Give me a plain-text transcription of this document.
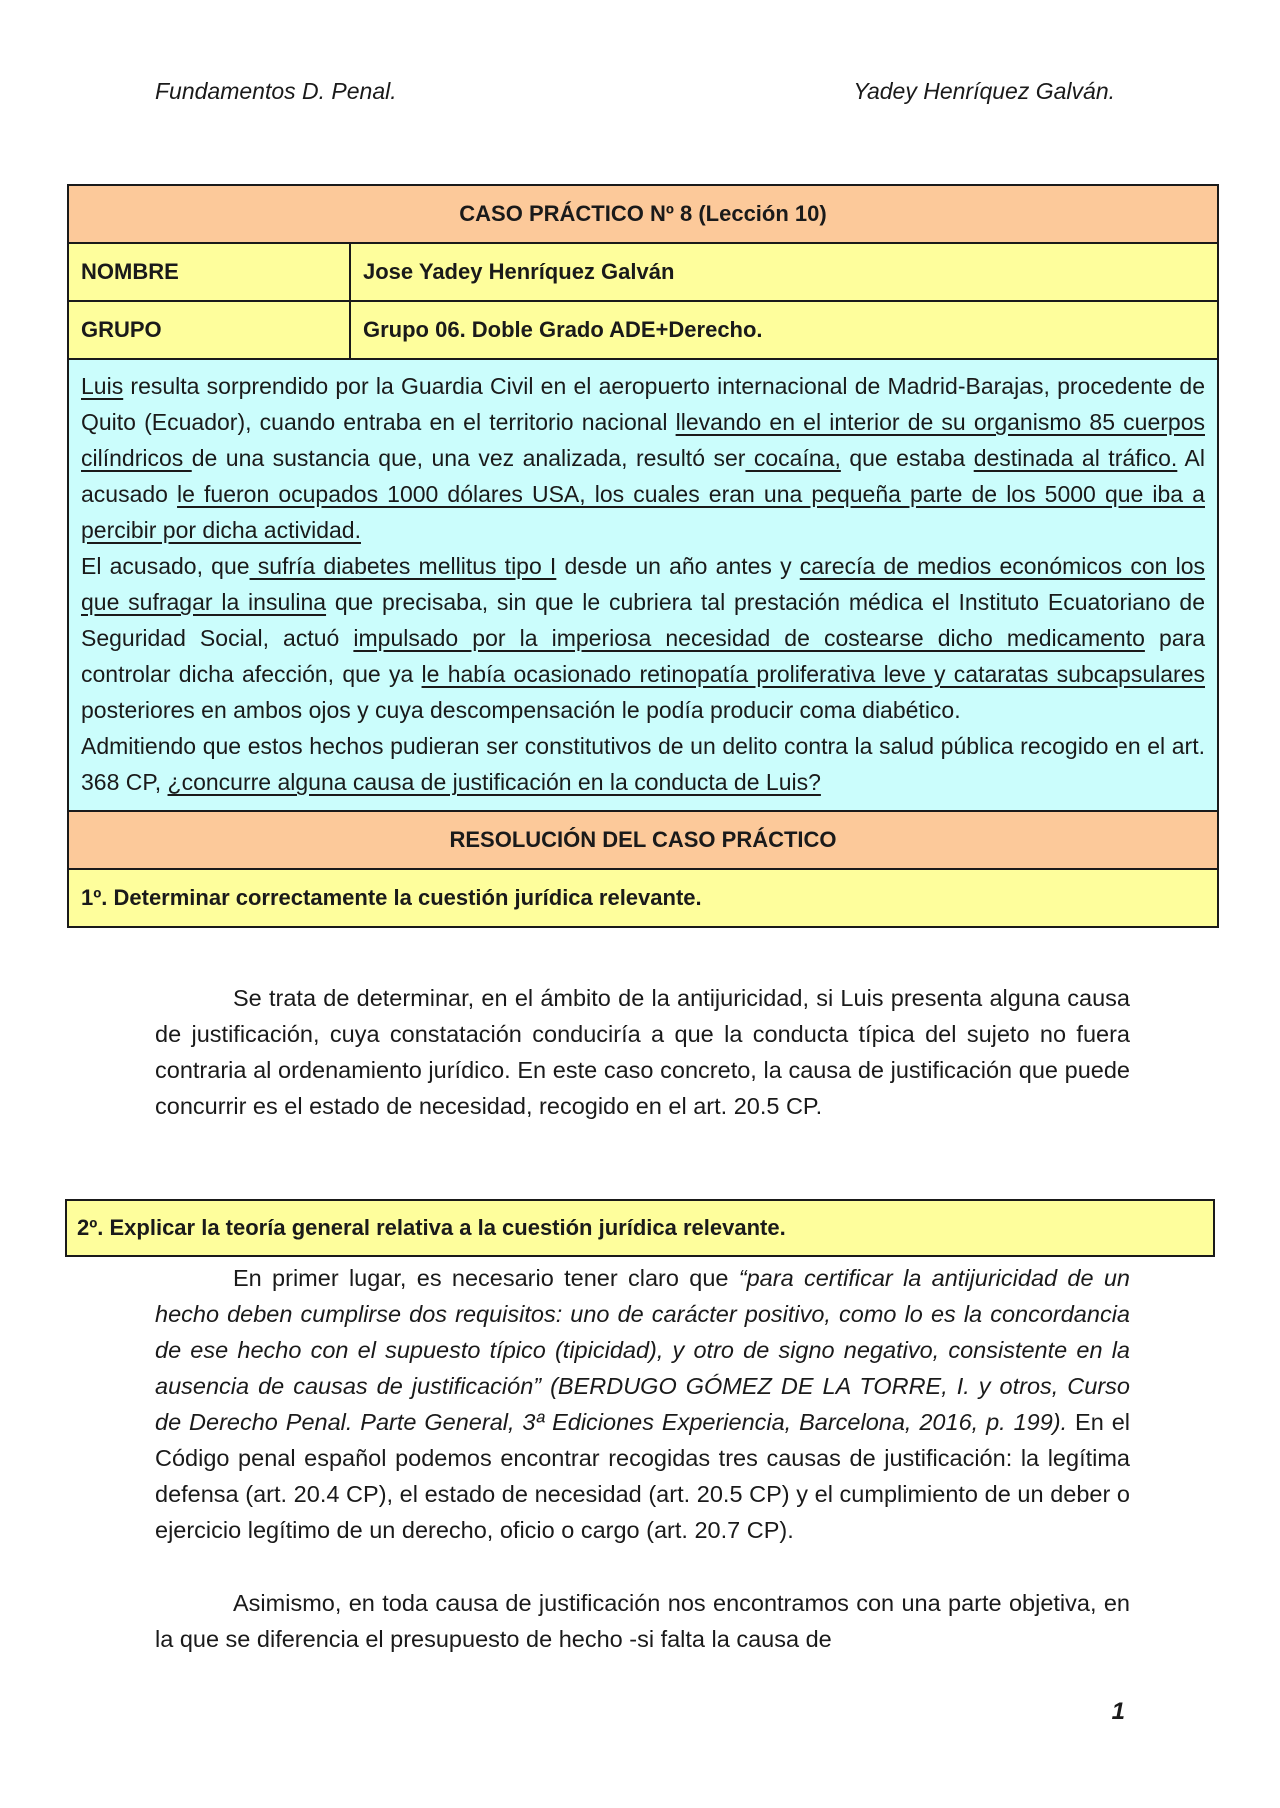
Fundamentos D. Penal.	Yadey Henríquez Galván.
CASO PRÁCTICO Nº 8 (Lección 10)	
NOMBRE	Jose Yadey Henríquez Galván
GRUPO	Grupo 06. Doble Grado ADE+Derecho.

Luis resulta sorprendido por la Guardia Civil en el aeropuerto internacional de Madrid-Barajas, procedente de Quito (Ecuador), cuando entraba en el territorio nacional llevando en el interior de su organismo 85 cuerpos cilíndricos de una sustancia que, una vez analizada, resultó ser cocaína, que estaba destinada al tráfico. Al acusado le fueron ocupados 1000 dólares USA, los cuales eran una pequeña parte de los 5000 que iba a percibir por dicha actividad.

El acusado, que sufría diabetes mellitus tipo I desde un año antes y carecía de medios económicos con los que sufragar la insulina que precisaba, sin que le cubriera tal prestación médica el Instituto Ecuatoriano de Seguridad Social, actuó impulsado por la imperiosa necesidad de costearse dicho medicamento para controlar dicha afección, que ya le había ocasionado retinopatía proliferativa leve y cataratas subcapsulares posteriores en ambos ojos y cuya descompensación le podía producir coma diabético.

Admitiendo que estos hechos pudieran ser constitutivos de un delito contra la salud pública recogido en el art. 368 CP, ¿concurre alguna causa de justificación en la conducta de Luis?	

RESOLUCIÓN DEL CASO PRÁCTICO	
1º. Determinar correctamente la cuestión jurídica relevante.	

Se trata de determinar, en el ámbito de la antijuricidad, si Luis presenta alguna causa de justificación, cuya constatación conduciría a que la conducta típica del sujeto no fuera contraria al ordenamiento jurídico. En este caso concreto, la causa de justificación que puede concurrir es el estado de necesidad, recogido en el art. 20.5 CP.

2º. Explicar la teoría general relativa a la cuestión jurídica relevante.

En primer lugar, es necesario tener claro que “para certificar la antijuricidad de un hecho deben cumplirse dos requisitos: uno de carácter positivo, como lo es la concordancia de ese hecho con el supuesto típico (tipicidad), y otro de signo negativo, consistente en la ausencia de causas de justificación” (BERDUGO GÓMEZ DE LA TORRE, I. y otros, Curso de Derecho Penal. Parte General, 3ª Ediciones Experiencia, Barcelona, 2016, p. 199). En el Código penal español podemos encontrar recogidas tres causas de justificación: la legítima defensa (art. 20.4 CP), el estado de necesidad (art. 20.5 CP) y el cumplimiento de un deber o ejercicio legítimo de un derecho, oficio o cargo (art. 20.7 CP).

Asimismo, en toda causa de justificación nos encontramos con una parte objetiva, en la que se diferencia el presupuesto de hecho -si falta la causa de

1
